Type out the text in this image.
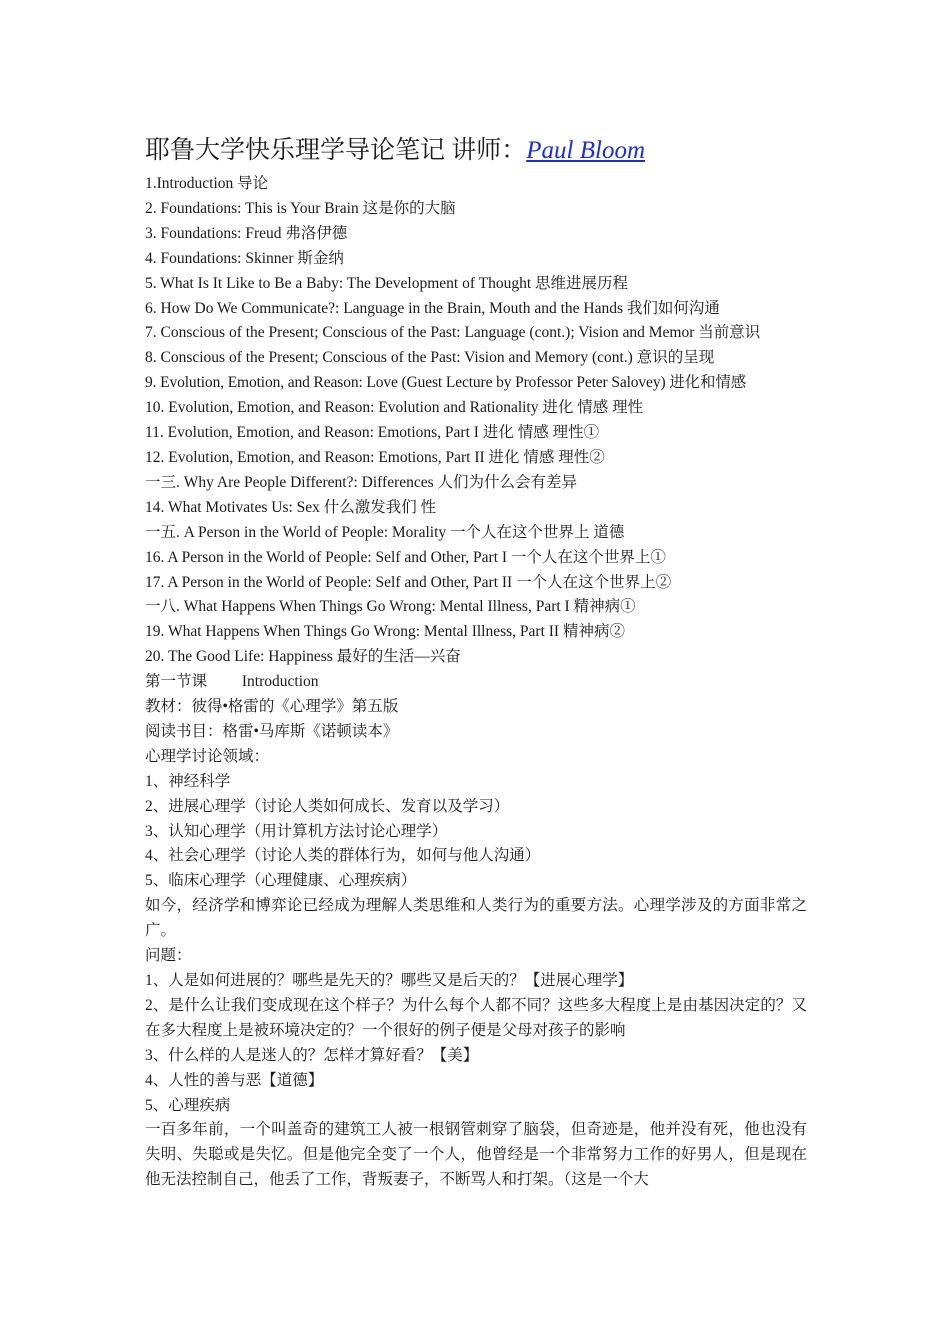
耶鲁大学快乐理学导论笔记 讲师：Paul Bloom

1.Introduction 导论

2. Foundations: This is Your Brain 这是你的大脑

3. Foundations: Freud 弗洛伊德

4. Foundations: Skinner 斯金纳

5. What Is It Like to Be a Baby: The Development of Thought 思维进展历程

6. How Do We Communicate?: Language in the Brain, Mouth and the Hands 我们如何沟通

7. Conscious of the Present; Conscious of the Past: Language (cont.); Vision and Memor 当前意识

8. Conscious of the Present; Conscious of the Past: Vision and Memory (cont.) 意识的呈现

9. Evolution, Emotion, and Reason: Love (Guest Lecture by Professor Peter Salovey) 进化和情感

10. Evolution, Emotion, and Reason: Evolution and Rationality 进化 情感 理性

11. Evolution, Emotion, and Reason: Emotions, Part I 进化 情感 理性①

12. Evolution, Emotion, and Reason: Emotions, Part II 进化 情感 理性②

一三. Why Are People Different?: Differences 人们为什么会有差异

14. What Motivates Us: Sex 什么激发我们 性

一五. A Person in the World of People: Morality 一个人在这个世界上 道德

16. A Person in the World of People: Self and Other, Part I 一个人在这个世界上①

17. A Person in the World of People: Self and Other, Part II 一个人在这个世界上②

一八. What Happens When Things Go Wrong: Mental Illness, Part I 精神病①

19. What Happens When Things Go Wrong: Mental Illness, Part II 精神病②

20. The Good Life: Happiness 最好的生活—兴奋

第一节课         Introduction

教材：彼得•格雷的《心理学》第五版

阅读书目：格雷•马库斯《诺顿读本》

心理学讨论领域：

1、神经科学

2、进展心理学（讨论人类如何成长、发育以及学习）

3、认知心理学（用计算机方法讨论心理学）

4、社会心理学（讨论人类的群体行为，如何与他人沟通）

5、临床心理学（心理健康、心理疾病）

如今，经济学和博弈论已经成为理解人类思维和人类行为的重要方法。心理学涉及的方面非常之广。

问题：

1、人是如何进展的？哪些是先天的？哪些又是后天的？【进展心理学】

2、是什么让我们变成现在这个样子？为什么每个人都不同？这些多大程度上是由基因决定的？又在多大程度上是被环境决定的？一个很好的例子便是父母对孩子的影响

3、什么样的人是迷人的？怎样才算好看？【美】

4、人性的善与恶【道德】

5、心理疾病

一百多年前，一个叫盖奇的建筑工人被一根钢管刺穿了脑袋，但奇迹是，他并没有死，他也没有失明、失聪或是失忆。但是他完全变了一个人，他曾经是一个非常努力工作的好男人，但是现在他无法控制自己，他丢了工作，背叛妻子，不断骂人和打架。（这是一个大
